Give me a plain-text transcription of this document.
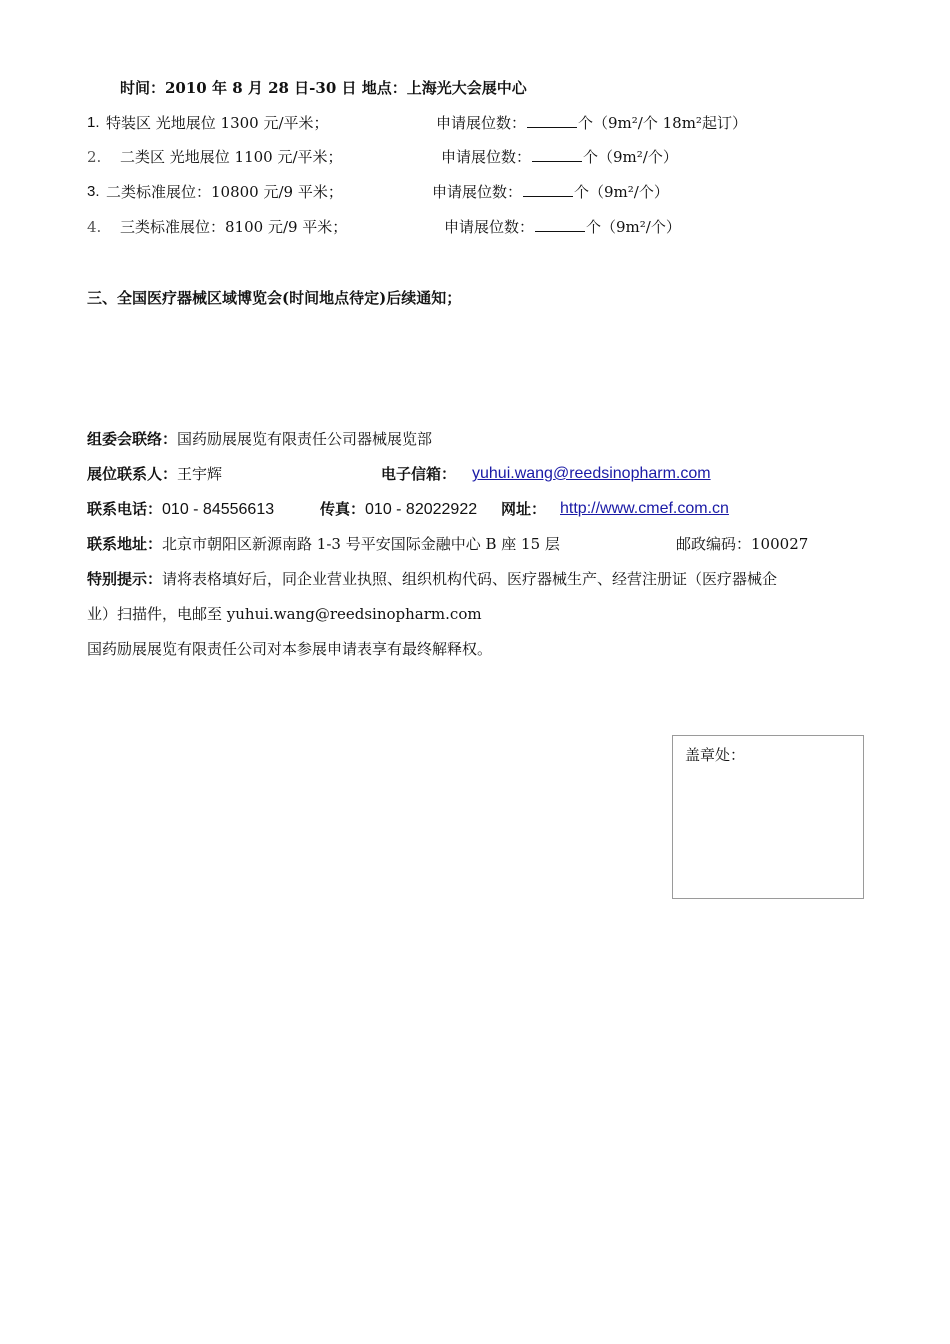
时间：2010 年 8 月 28 日-30 日 地点：上海光大会展中心
1. 特装区 光地展位 1300 元/平米；	申请展位数：	个（9m²/个 18m²起订）
2. 二类区 光地展位 1100 元/平米；	申请展位数：	个（9m²/个）
3. 二类标准展位：10800 元/9 平米；	申请展位数：	个（9m²/个）
4. 三类标准展位：8100 元/9 平米；	申请展位数：	个（9m²/个）
三、全国医疗器械区域博览会(时间地点待定)后续通知；
组委会联络：国药励展展览有限责任公司器械展览部
展位联系人：王宇辉	电子信箱： yuhui.wang@reedsinopharm.com
联系电话：010 - 84556613	传真：010 - 82022922 网址： http://www.cmef.com.cn
联系地址：北京市朝阳区新源南路 1-3 号平安国际金融中心 B 座 15 层	邮政编码：100027
特别提示：请将表格填好后，同企业营业执照、组织机构代码、医疗器械生产、经营注册证（医疗器械企
业）扫描件，电邮至 yuhui.wang@reedsinopharm.com
国药励展展览有限责任公司对本参展申请表享有最终解释权。
盖章处：
